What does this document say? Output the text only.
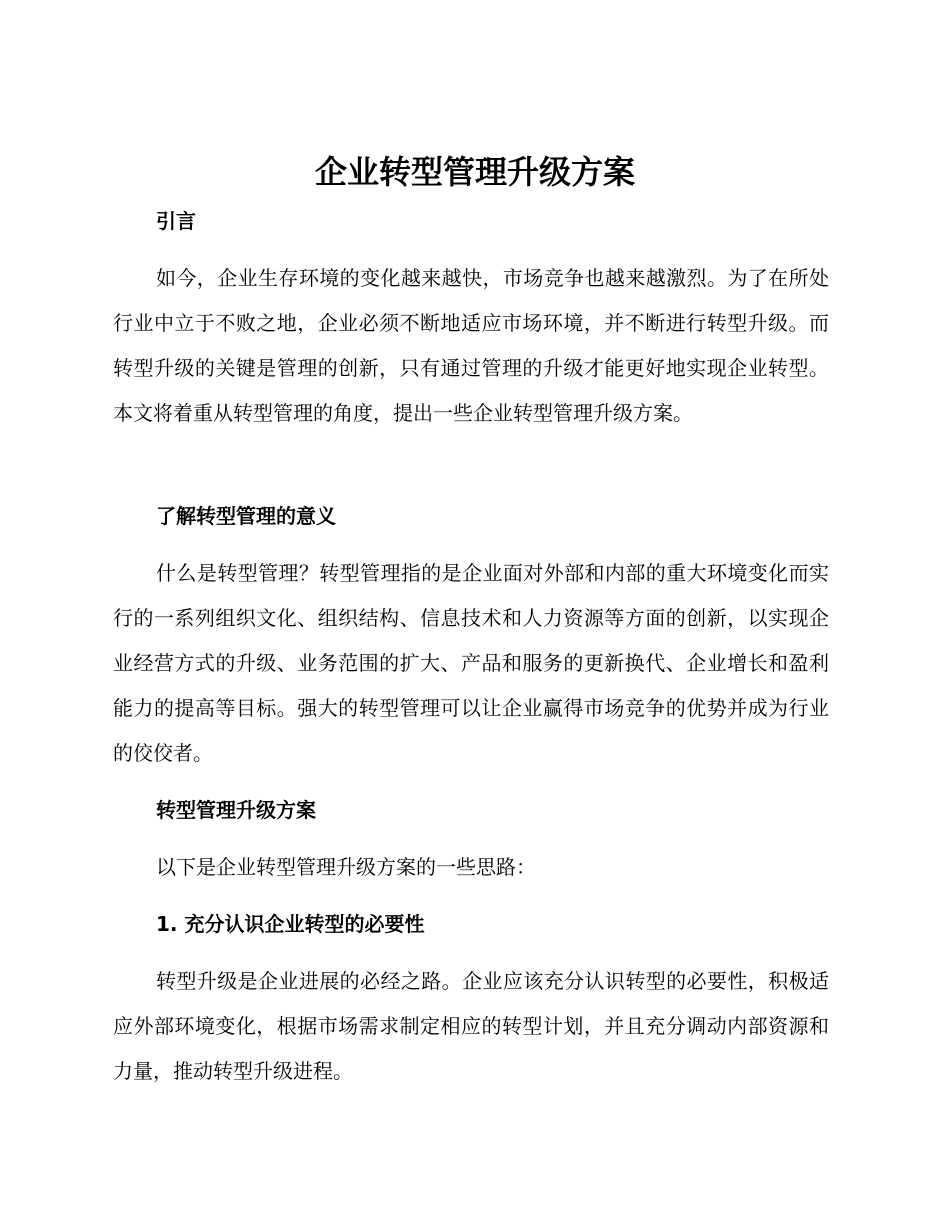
企业转型管理升级方案
引言

如今，企业生存环境的变化越来越快，市场竞争也越来越激烈。为了在所处行业中立于不败之地，企业必须不断地适应市场环境，并不断进行转型升级。而转型升级的关键是管理的创新，只有通过管理的升级才能更好地实现企业转型。本文将着重从转型管理的角度，提出一些企业转型管理升级方案。

了解转型管理的意义

什么是转型管理？转型管理指的是企业面对外部和内部的重大环境变化而实行的一系列组织文化、组织结构、信息技术和人力资源等方面的创新，以实现企业经营方式的升级、业务范围的扩大、产品和服务的更新换代、企业增长和盈利能力的提高等目标。强大的转型管理可以让企业赢得市场竞争的优势并成为行业的佼佼者。

转型管理升级方案

以下是企业转型管理升级方案的一些思路：

1. 充分认识企业转型的必要性

转型升级是企业进展的必经之路。企业应该充分认识转型的必要性，积极适应外部环境变化，根据市场需求制定相应的转型计划，并且充分调动内部资源和力量，推动转型升级进程。
